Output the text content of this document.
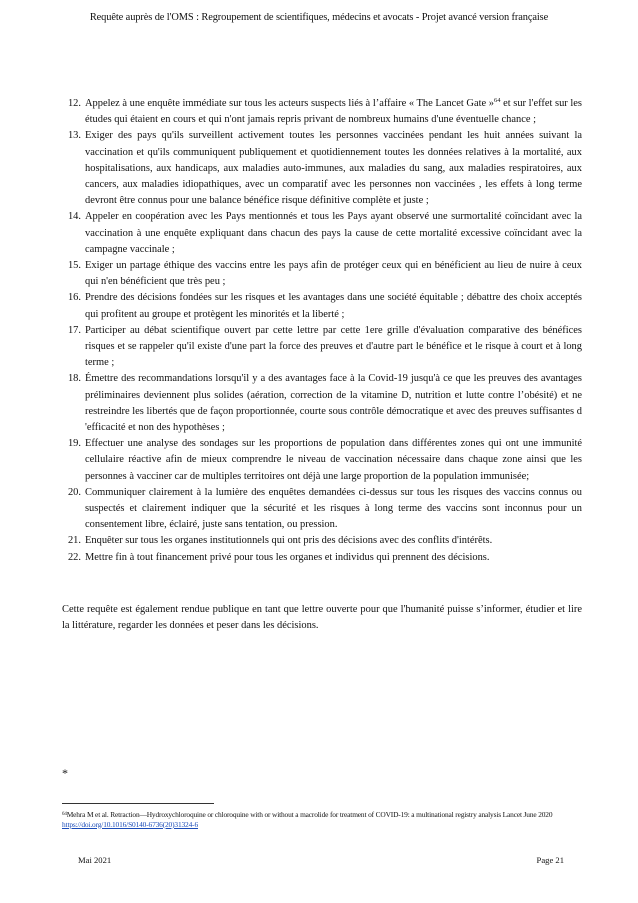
Requête auprès de l'OMS : Regroupement de scientifiques, médecins et avocats - Projet avancé version française
12. Appelez à une enquête immédiate sur tous les acteurs suspects liés à l’affaire « The Lancet Gate »$^{64}$ et sur l'effet sur les études qui étaient en cours et qui n'ont jamais repris privant de nombreux humains d'une éventuelle chance ;
13. Exiger des pays qu'ils surveillent activement toutes les personnes vaccinées pendant les huit années suivant la vaccination et qu'ils communiquent publiquement et quotidiennement toutes les données relatives à la mortalité, aux hospitalisations, aux handicaps, aux maladies auto-immunes, aux maladies du sang, aux maladies respiratoires, aux cancers, aux maladies idiopathiques, avec un comparatif avec les personnes non vaccinées , les effets à long terme devront être connus pour une balance bénéfice risque définitive complète et juste ;
14. Appeler en coopération avec les Pays mentionnés et tous les Pays ayant observé une surmortalité coïncidant avec la vaccination à une enquête expliquant dans chacun des pays la cause de cette mortalité excessive coïncidant avec la campagne vaccinale ;
15. Exiger un partage éthique des vaccins entre les pays afin de protéger ceux qui en bénéficient au lieu de nuire à ceux qui n'en bénéficient que très peu ;
16. Prendre des décisions fondées sur les risques et les avantages dans une société équitable ; débattre des choix acceptés qui profitent au groupe et protègent les minorités et la liberté ;
17. Participer au débat scientifique ouvert par cette lettre par cette 1ere grille d'évaluation comparative des bénéfices risques et se rappeler qu'il existe d'une part la force des preuves et d'autre part le bénéfice et le risque à court et à long terme ;
18. Émettre des recommandations lorsqu'il y a des avantages face à la Covid-19 jusqu'à ce que les preuves des avantages préliminaires deviennent plus solides (aération, correction de la vitamine D, nutrition et lutte contre l’obésité) et ne restreindre les libertés que de façon proportionnée, courte sous contrôle démocratique et avec des preuves suffisantes d 'efficacité et non des hypothèses ;
19. Effectuer une analyse des sondages sur les proportions de population dans différentes zones qui ont une immunité cellulaire réactive afin de mieux comprendre le niveau de vaccination nécessaire dans chaque zone ainsi que les personnes à vacciner car de multiples territoires ont déjà une large proportion de la population immunisée;
20. Communiquer clairement à la lumière des enquêtes demandées ci-dessus sur tous les risques des vaccins connus ou suspectés et clairement indiquer que la sécurité et les risques à long terme des vaccins sont inconnus pour un consentement libre, éclairé, juste sans tentation, ou pression.
21. Enquêter sur tous les organes institutionnels qui ont pris des décisions avec des conflits d'intérêts.
22. Mettre fin à tout financement privé pour tous les organes et individus qui prennent des décisions.

Cette requête est également rendue publique en tant que lettre ouverte pour que l'humanité puisse s’informer, étudier et lire la littérature, regarder les données et peser dans les décisions.

*
$^{64}$Mehra M et al. Retraction—Hydroxychloroquine or chloroquine with or without a macrolide for treatment of COVID-19: a multinational registry analysis Lancet June 2020
https://doi.org/10.1016/S0140-6736(20)31324-6
Mai 2021	Page 21
